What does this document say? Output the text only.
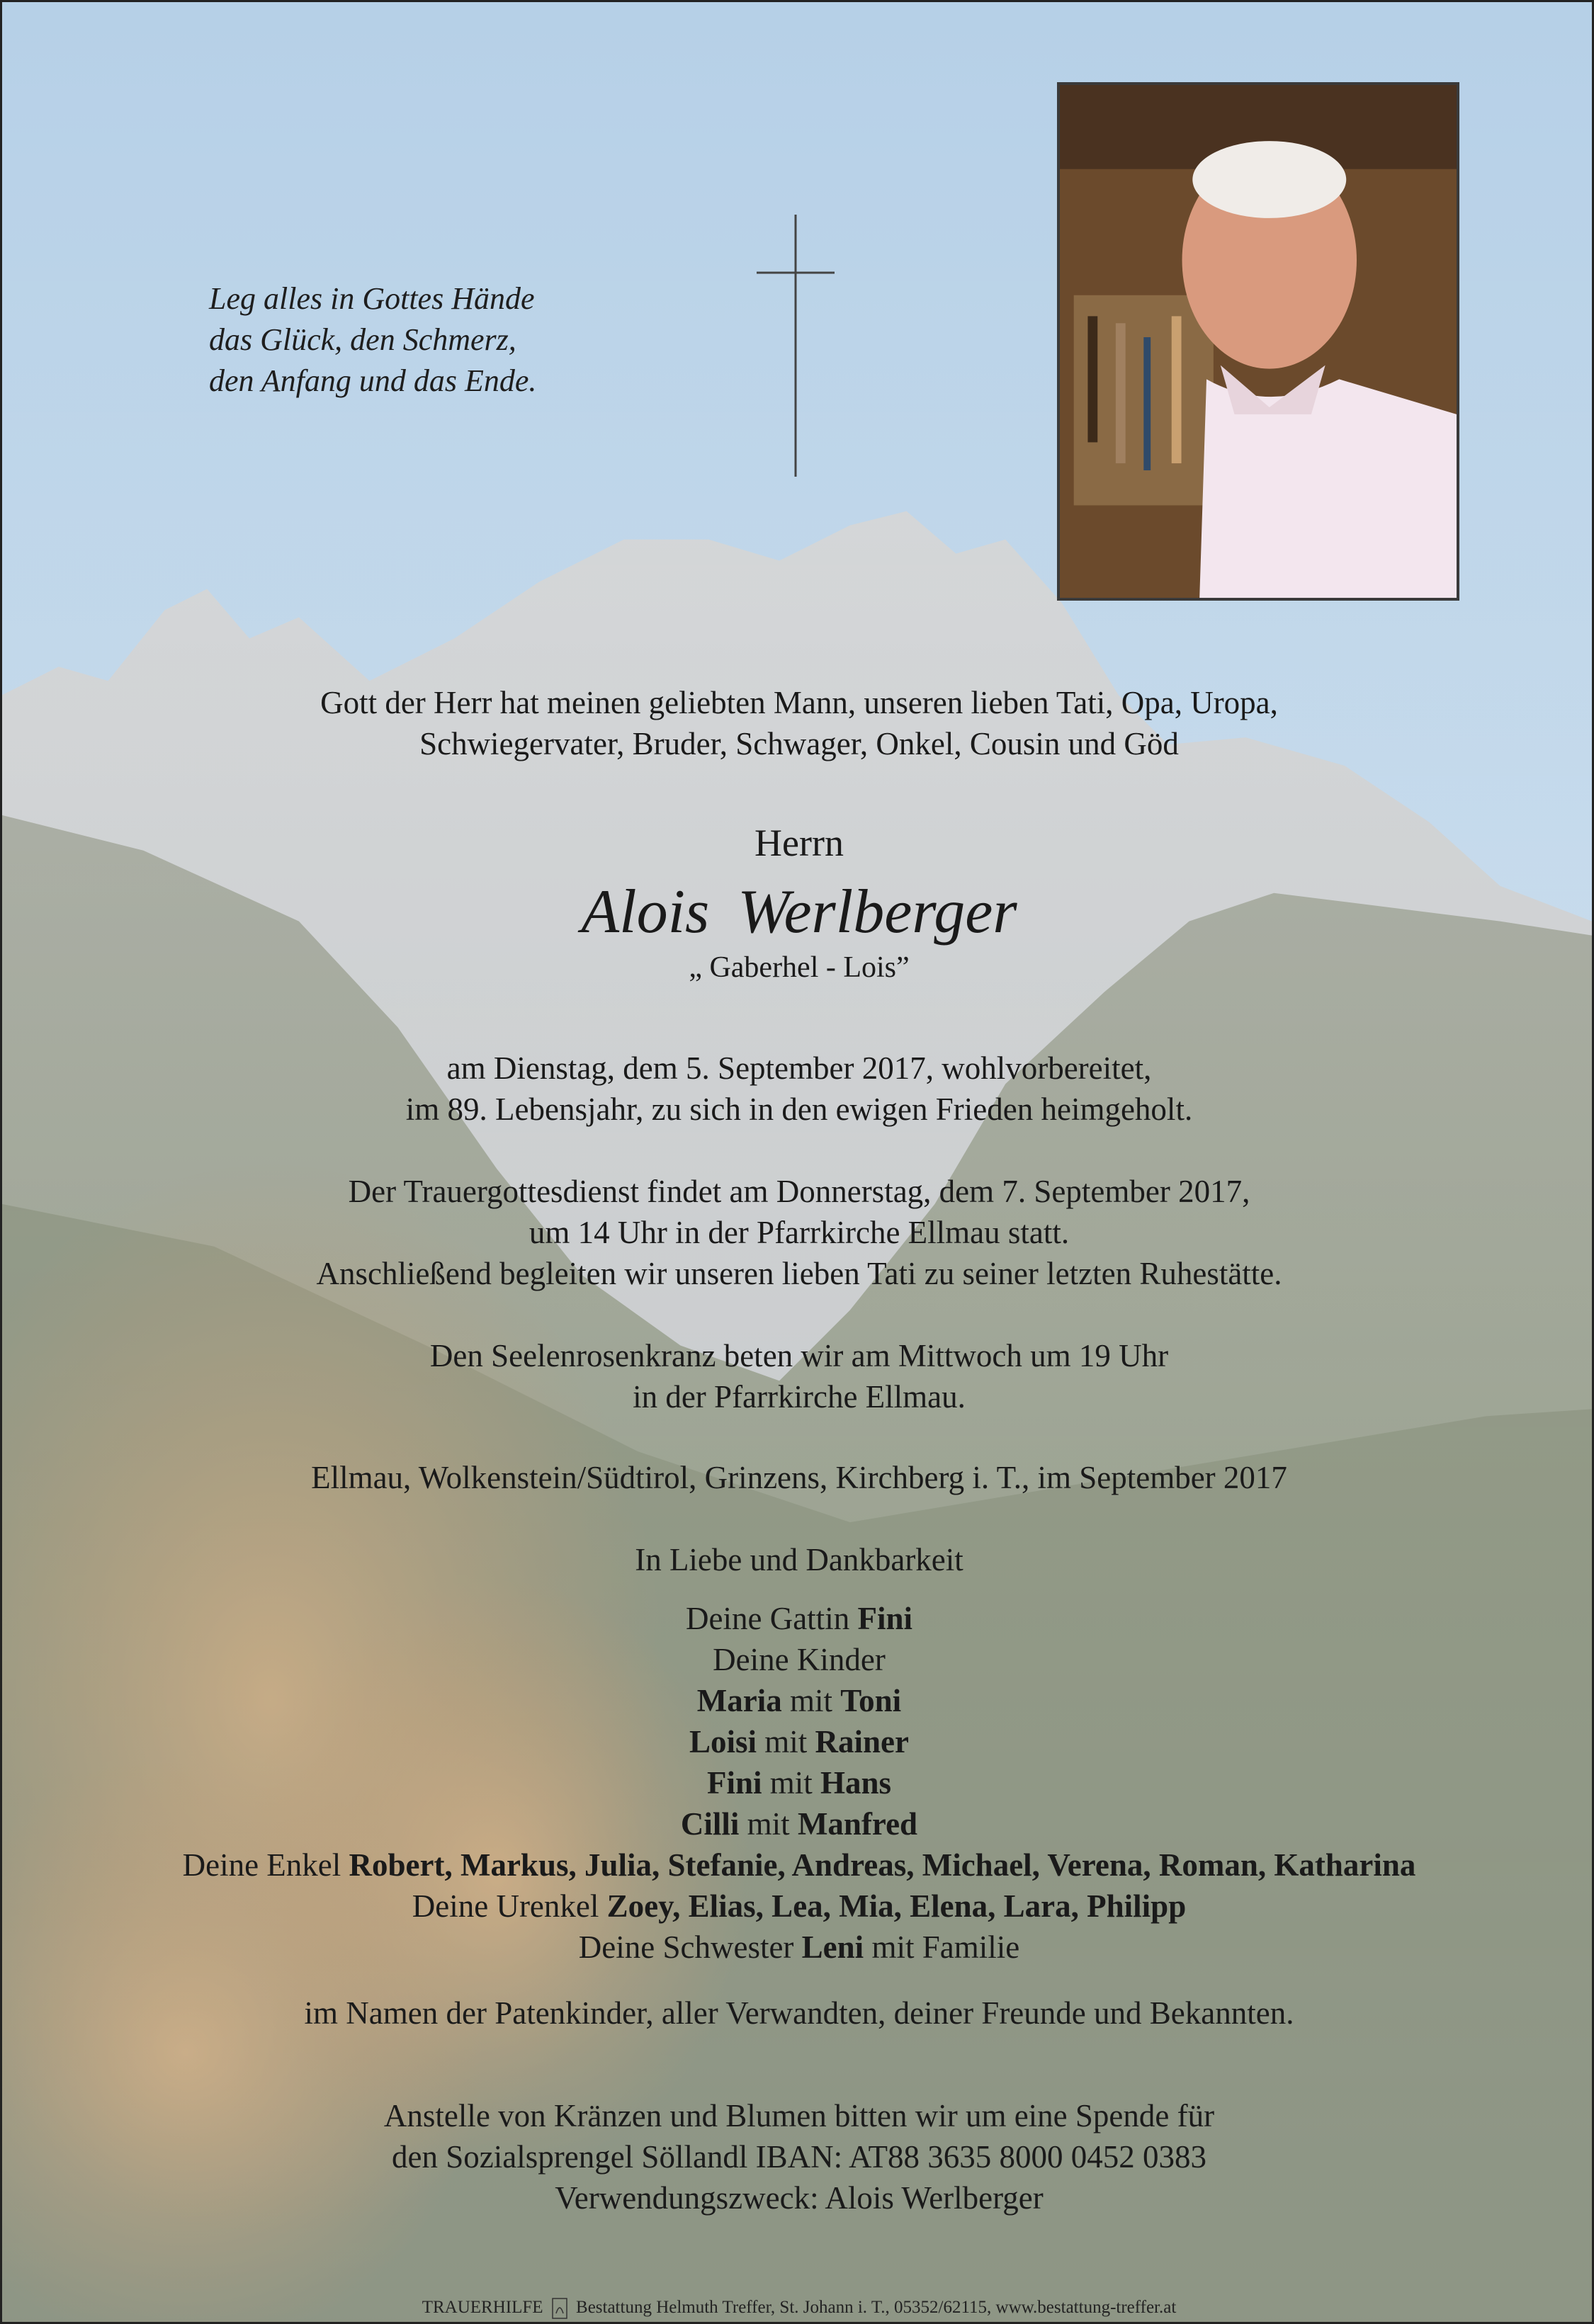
Leg alles in Gottes Hände
das Glück, den Schmerz,
den Anfang und das Ende.
Gott der Herr hat meinen geliebten Mann, unseren lieben Tati, Opa, Uropa,
Schwiegervater, Bruder, Schwager, Onkel, Cousin und Göd
Herrn
Alois Werlberger
„ Gaberhel - Lois”
am Dienstag, dem 5. September 2017, wohlvorbereitet,
im 89. Lebensjahr, zu sich in den ewigen Frieden heimgeholt.
Der Trauergottesdienst findet am Donnerstag, dem 7. September 2017,
um 14 Uhr in der Pfarrkirche Ellmau statt.
Anschließend begleiten wir unseren lieben Tati zu seiner letzten Ruhestätte.
Den Seelenrosenkranz beten wir am Mittwoch um 19 Uhr
in der Pfarrkirche Ellmau.
Ellmau, Wolkenstein/Südtirol, Grinzens, Kirchberg i. T., im September 2017
In Liebe und Dankbarkeit
Deine Gattin Fini
Deine Kinder
Maria mit Toni
Loisi mit Rainer
Fini mit Hans
Cilli mit Manfred
Deine Enkel Robert, Markus, Julia, Stefanie, Andreas, Michael, Verena, Roman, Katharina
Deine Urenkel Zoey, Elias, Lea, Mia, Elena, Lara, Philipp
Deine Schwester Leni mit Familie
im Namen der Patenkinder, aller Verwandten, deiner Freunde und Bekannten.
Anstelle von Kränzen und Blumen bitten wir um eine Spende für
den Sozialsprengel Söllandl IBAN: AT88 3635 8000 0452 0383
Verwendungszweck: Alois Werlberger
TRAUERHILFE Bestattung Helmuth Treffer, St. Johann i. T., 05352/62115, www.bestattung-treffer.at
